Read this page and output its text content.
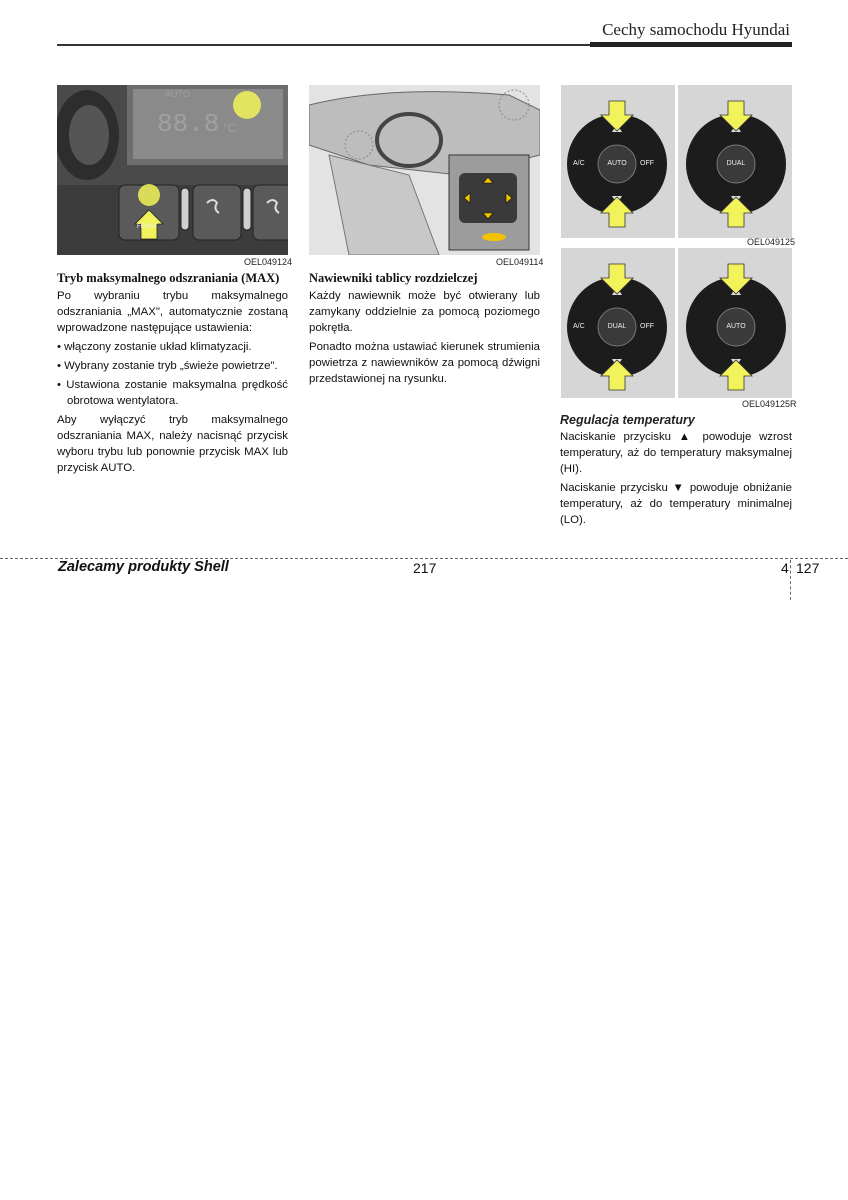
Cechy samochodu Hyundai
88.8 °C
AUTO
FRONT
OEL049124	OEL049114
AUTO
A/C	OFF	DUAL
OEL049125
DUAL
A/C	OFF	AUTO
OEL049125R
Tryb maksymalnego odszraniania (MAX)

Po wybraniu trybu maksymalnego odszraniania „MAX", automatycznie zostaną wprowadzone następujące ustawienia:

• włączony zostanie układ klimatyzacji.

• Wybrany zostanie tryb „świeże powietrze".

• Ustawiona zostanie maksymalna prędkość obrotowa wentylatora.

Aby wyłączyć tryb maksymalnego odszraniania MAX, należy nacisnąć przycisk wyboru trybu lub ponownie przycisk MAX lub przycisk AUTO.

Nawiewniki tablicy rozdzielczej

Każdy nawiewnik może być otwierany lub zamykany oddzielnie za pomocą poziomego pokrętła.

Ponadto można ustawiać kierunek strumienia powietrza z nawiewników za pomocą dźwigni przedstawionej na rysunku.

Regulacja temperatury

Naciskanie przycisku ▲ powoduje wzrost temperatury, aż do temperatury maksymalnej (HI).

Naciskanie przycisku ▼ powoduje obniżanie temperatury, aż do temperatury minimalnej (LO).

Zalecamy produkty Shell	217	4 127
